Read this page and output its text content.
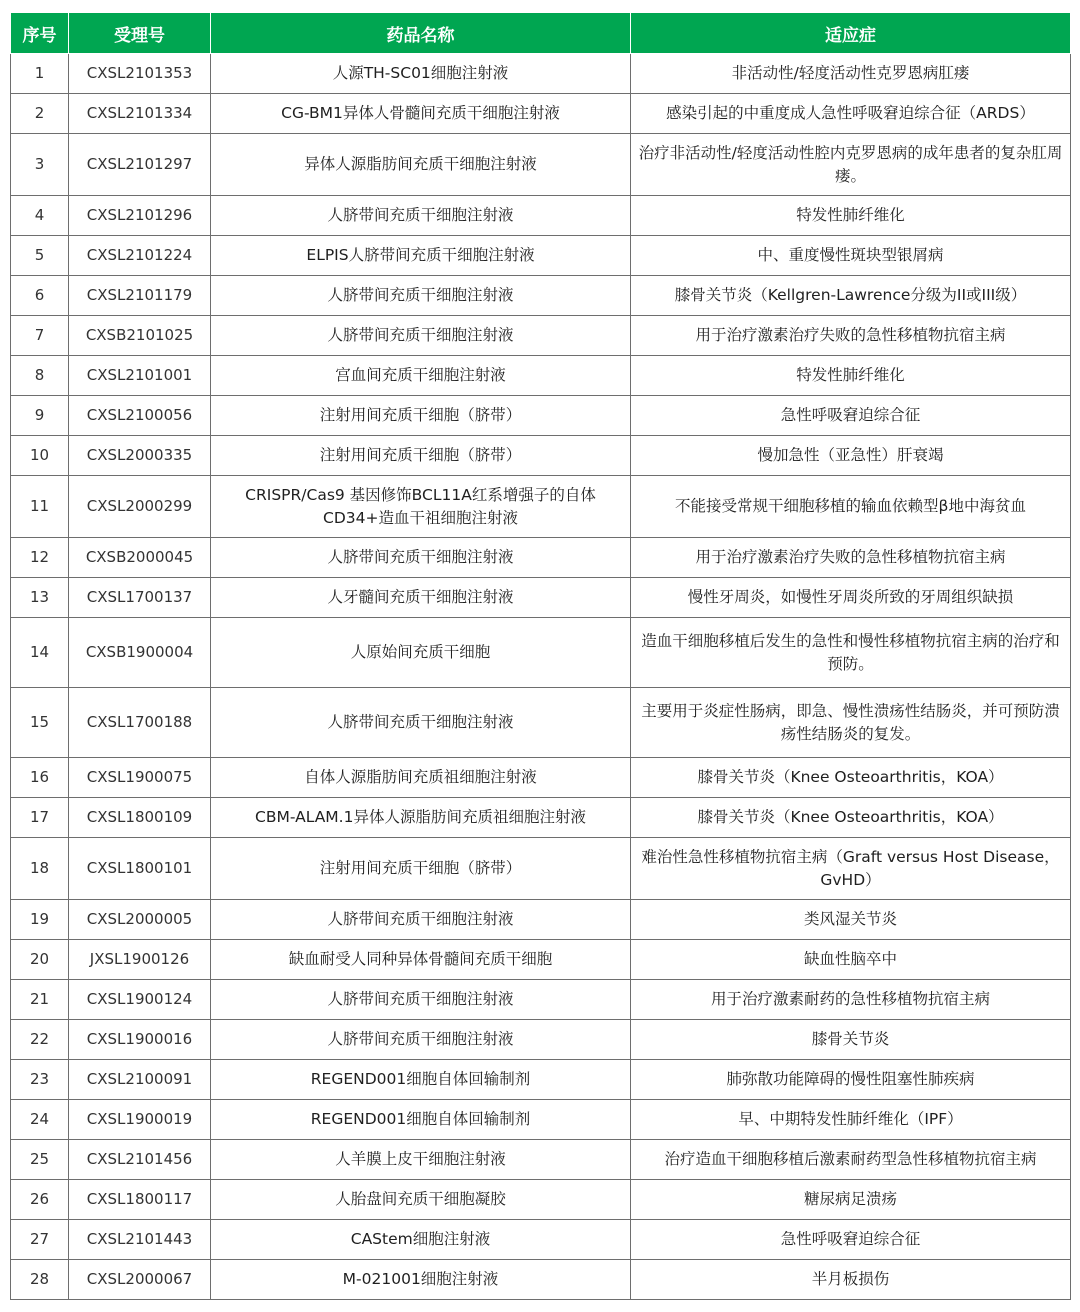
序号	受理号	药品名称	适应症
1	CXSL2101353	人源TH-SC01细胞注射液	非活动性/轻度活动性克罗恩病肛瘘
2	CXSL2101334	CG-BM1异体人骨髓间充质干细胞注射液	感染引起的中重度成人急性呼吸窘迫综合征（ARDS）
3	CXSL2101297	异体人源脂肪间充质干细胞注射液	治疗非活动性/轻度活动性腔内克罗恩病的成年患者的复杂肛周瘘。
4	CXSL2101296	人脐带间充质干细胞注射液	特发性肺纤维化
5	CXSL2101224	ELPIS人脐带间充质干细胞注射液	中、重度慢性斑块型银屑病
6	CXSL2101179	人脐带间充质干细胞注射液	膝骨关节炎（Kellgren-Lawrence分级为II或III级）
7	CXSB2101025	人脐带间充质干细胞注射液	用于治疗激素治疗失败的急性移植物抗宿主病
8	CXSL2101001	宫血间充质干细胞注射液	特发性肺纤维化
9	CXSL2100056	注射用间充质干细胞（脐带）	急性呼吸窘迫综合征
10	CXSL2000335	注射用间充质干细胞（脐带）	慢加急性（亚急性）肝衰竭
11	CXSL2000299	CRISPR/Cas9 基因修饰BCL11A红系增强子的自体CD34+造血干祖细胞注射液	不能接受常规干细胞移植的输血依赖型β地中海贫血
12	CXSB2000045	人脐带间充质干细胞注射液	用于治疗激素治疗失败的急性移植物抗宿主病
13	CXSL1700137	人牙髓间充质干细胞注射液	慢性牙周炎，如慢性牙周炎所致的牙周组织缺损
14	CXSB1900004	人原始间充质干细胞	造血干细胞移植后发生的急性和慢性移植物抗宿主病的治疗和预防。
15	CXSL1700188	人脐带间充质干细胞注射液	主要用于炎症性肠病，即急、慢性溃疡性结肠炎，并可预防溃疡性结肠炎的复发。
16	CXSL1900075	自体人源脂肪间充质祖细胞注射液	膝骨关节炎（Knee Osteoarthritis，KOA）
17	CXSL1800109	CBM-ALAM.1异体人源脂肪间充质祖细胞注射液	膝骨关节炎（Knee Osteoarthritis，KOA）
18	CXSL1800101	注射用间充质干细胞（脐带）	难治性急性移植物抗宿主病（Graft versus Host Disease， GvHD）
19	CXSL2000005	人脐带间充质干细胞注射液	类风湿关节炎
20	JXSL1900126	缺血耐受人同种异体骨髓间充质干细胞	缺血性脑卒中
21	CXSL1900124	人脐带间充质干细胞注射液	用于治疗激素耐药的急性移植物抗宿主病
22	CXSL1900016	人脐带间充质干细胞注射液	膝骨关节炎
23	CXSL2100091	REGEND001细胞自体回输制剂	肺弥散功能障碍的慢性阻塞性肺疾病
24	CXSL1900019	REGEND001细胞自体回输制剂	早、中期特发性肺纤维化（IPF）
25	CXSL2101456	人羊膜上皮干细胞注射液	治疗造血干细胞移植后激素耐药型急性移植物抗宿主病
26	CXSL1800117	人胎盘间充质干细胞凝胶	糖尿病足溃疡
27	CXSL2101443	CAStem细胞注射液	急性呼吸窘迫综合征
28	CXSL2000067	M-021001细胞注射液	半月板损伤
